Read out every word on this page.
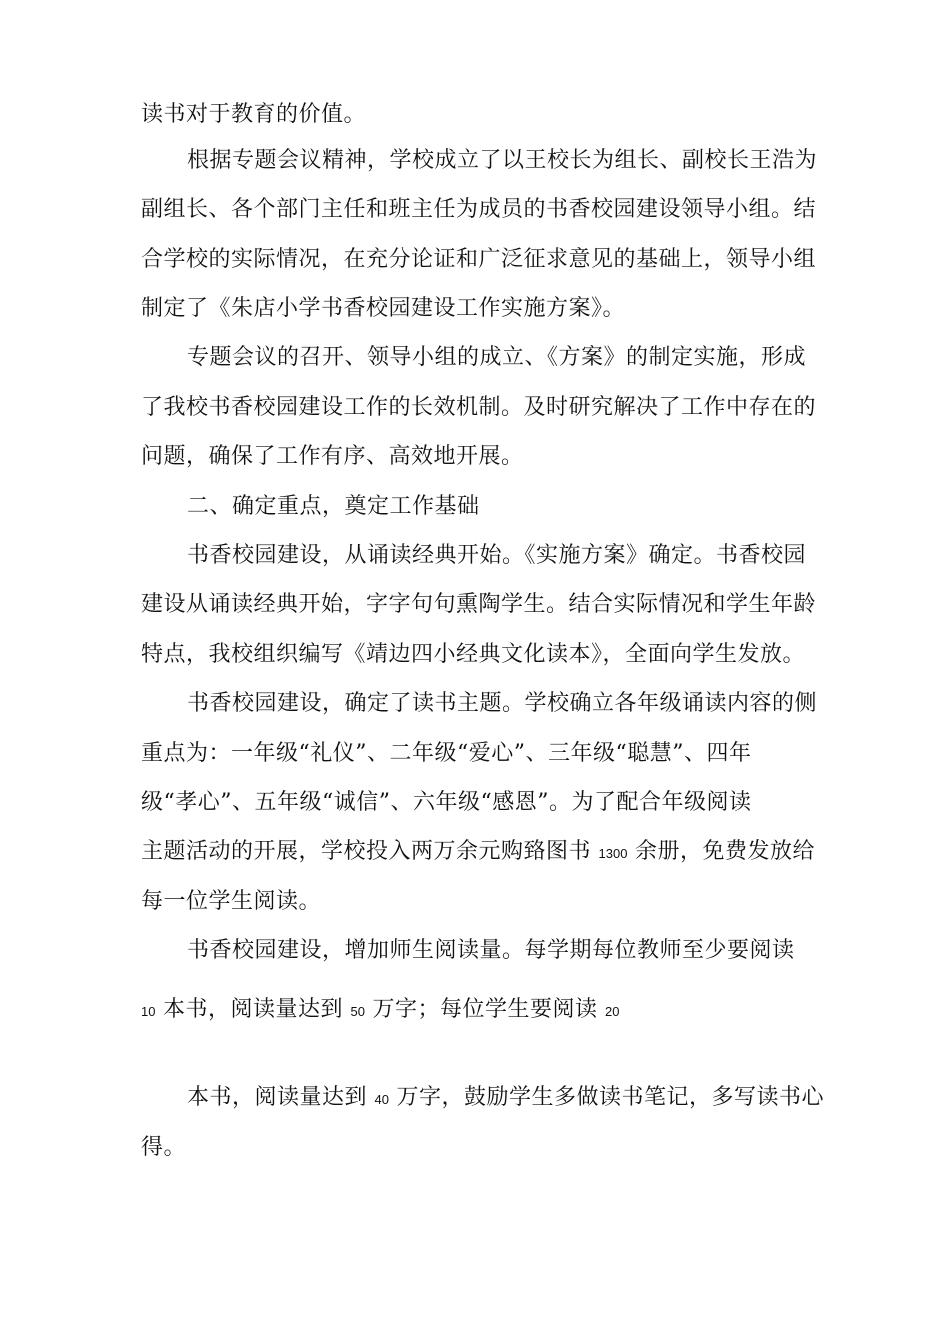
读书对于教育的价值。
根据专题会议精神，学校成立了以王校长为组长、副校长王浩为
副组长、各个部门主任和班主任为成员的书香校园建设领导小组。结
合学校的实际情况，在充分论证和广泛征求意见的基础上，领导小组
制定了《朱店小学书香校园建设工作实施方案》。
专题会议的召开、领导小组的成立、《方案》的制定实施，形成
了我校书香校园建设工作的长效机制。及时研究解决了工作中存在的
问题，确保了工作有序、高效地开展。
二、确定重点，奠定工作基础
书香校园建设，从诵读经典开始。《实施方案》确定。书香校园
建设从诵读经典开始，字字句句熏陶学生。结合实际情况和学生年龄
特点，我校组织编写《靖边四小经典文化读本》，全面向学生发放。
书香校园建设，确定了读书主题。学校确立各年级诵读内容的侧
重点为：一年级“礼仪”、二年级“爱心”、三年级“聪慧”、四年
级“孝心”、五年级“诚信”、六年级“感恩”。为了配合年级阅读
主题活动的开展，学校投入两万余元购臵图书 1300 余册，免费发放给
每一位学生阅读。
书香校园建设，增加师生阅读量。每学期每位教师至少要阅读
10 本书，阅读量达到 50 万字；每位学生要阅读 20
本书，阅读量达到 40 万字，鼓励学生多做读书笔记，多写读书心
得。
